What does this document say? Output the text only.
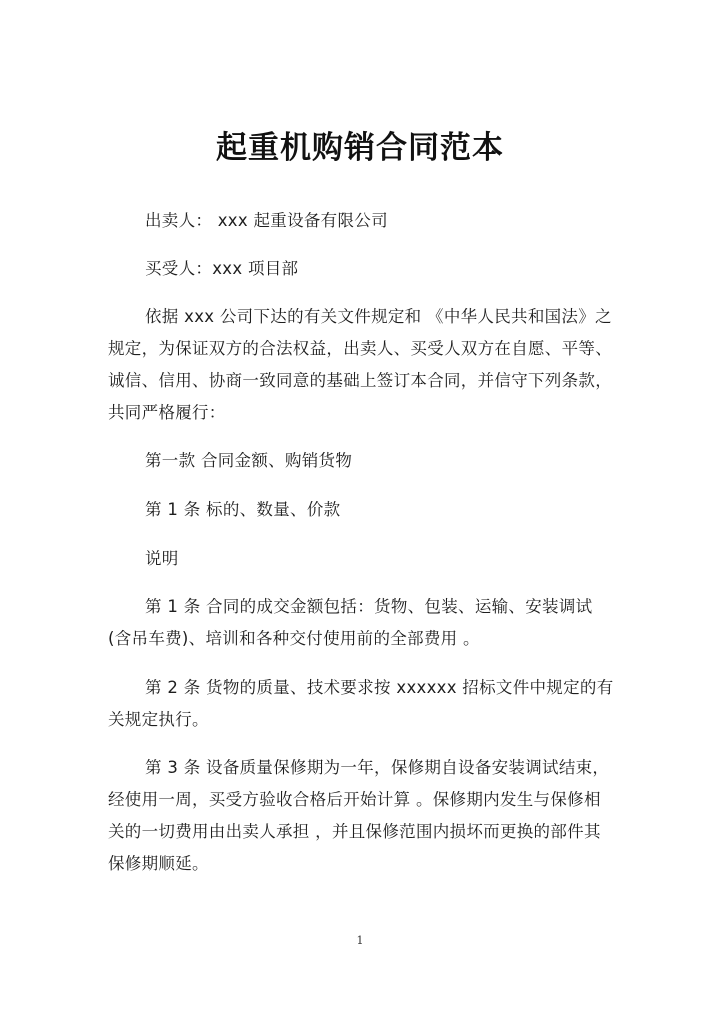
起重机购销合同范本
出卖人： xxx 起重设备有限公司
买受人：xxx 项目部
依据 xxx 公司下达的有关文件规定和 《中华人民共和国法》之
规定，为保证双方的合法权益，出卖人、买受人双方在自愿、平等、
诚信、信用、协商一致同意的基础上签订本合同，并信守下列条款，
共同严格履行：
第一款 合同金额、购销货物
第 1 条 标的、数量、价款
说明
第 1 条 合同的成交金额包括：货物、包装、运输、安装调试
(含吊车费)、培训和各种交付使用前的全部费用 。
第 2 条 货物的质量、技术要求按 xxxxxx 招标文件中规定的有
关规定执行。
第 3 条 设备质量保修期为一年，保修期自设备安装调试结束，
经使用一周，买受方验收合格后开始计算 。保修期内发生与保修相
关的一切费用由出卖人承担 ，并且保修范围内损坏而更换的部件其
保修期顺延。
1
